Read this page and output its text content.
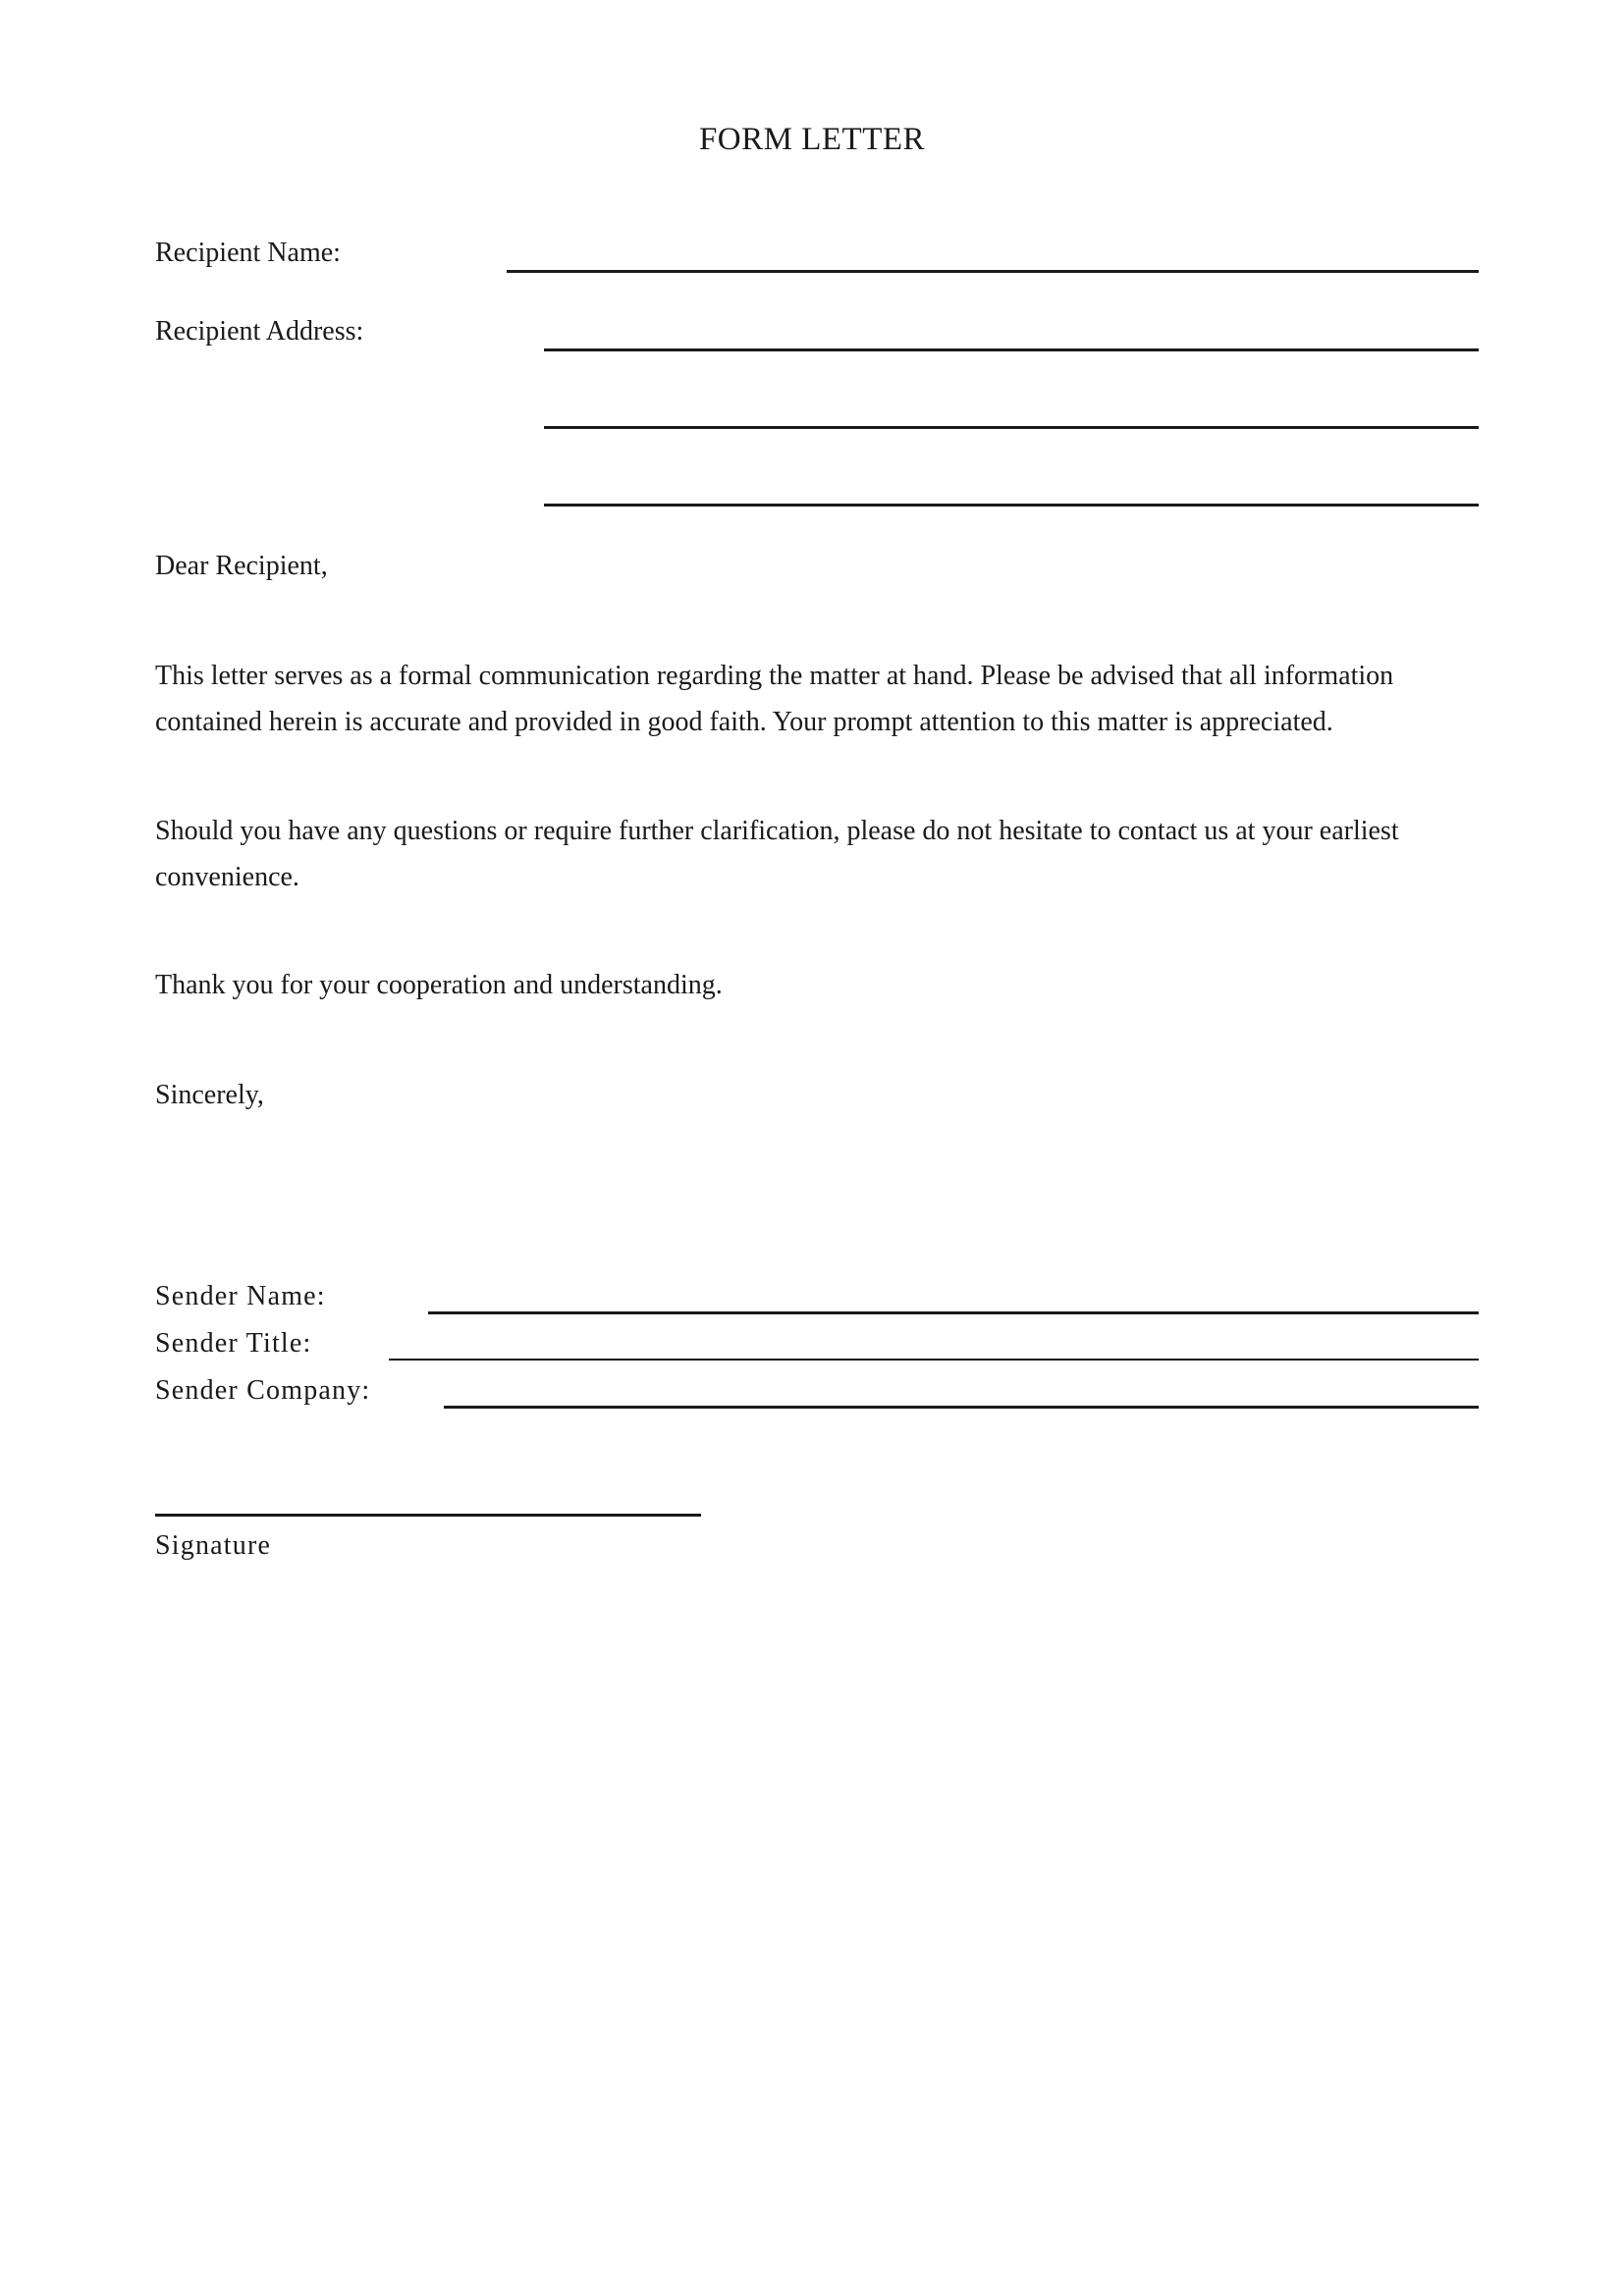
FORM LETTER
Recipient Name:
Recipient Address:
Dear Recipient,
This letter serves as a formal communication regarding the matter at hand. Please be advised that all information contained herein is accurate and provided in good faith. Your prompt attention to this matter is appreciated.
Should you have any questions or require further clarification, please do not hesitate to contact us at your earliest convenience.
Thank you for your cooperation and understanding.
Sincerely,
Sender Name:
Sender Title:
Sender Company:
Signature
